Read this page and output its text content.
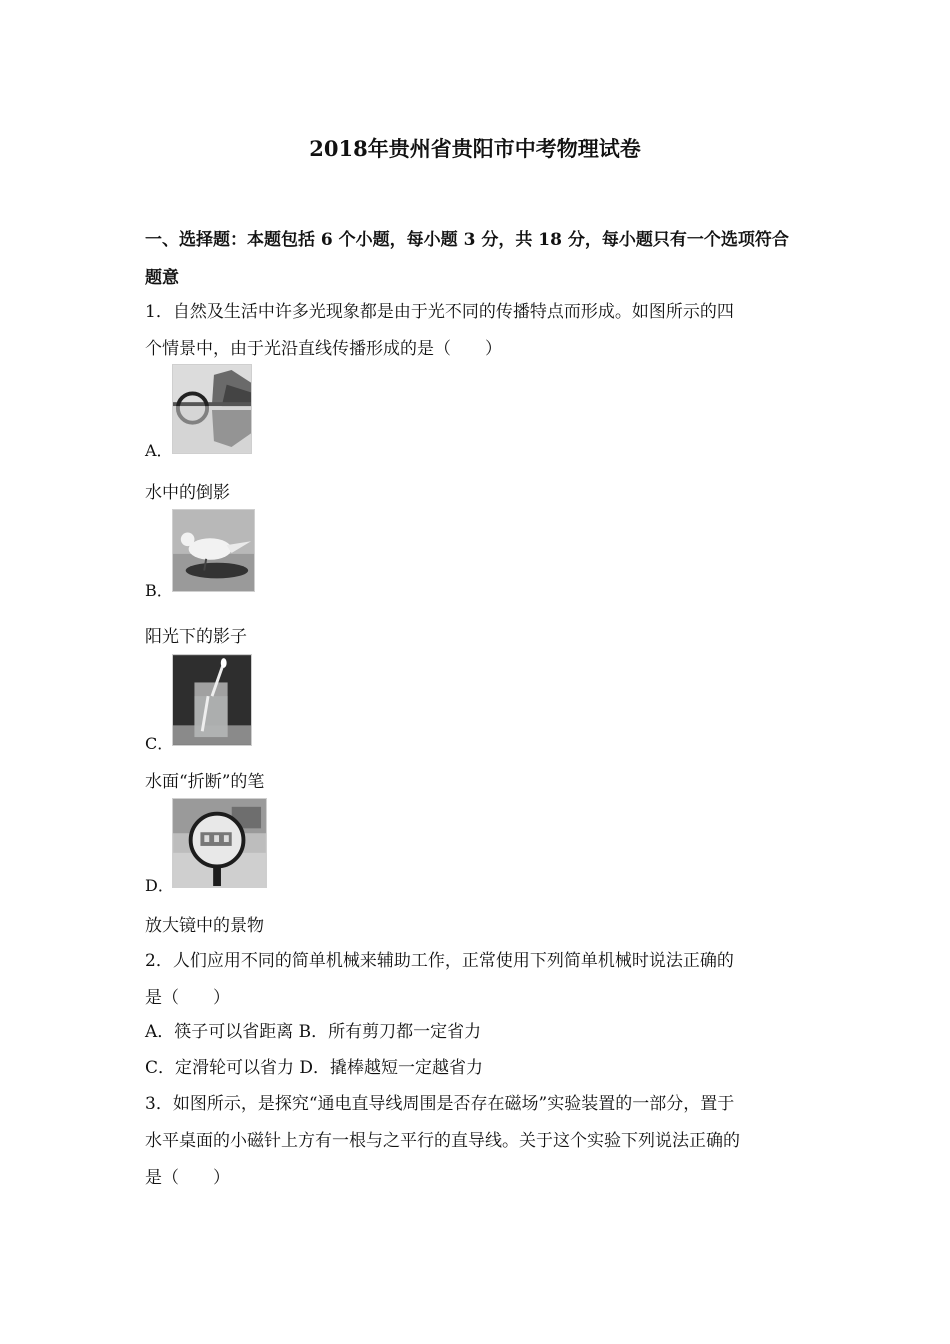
2018年贵州省贵阳市中考物理试卷
一、选择题：本题包括 6 个小题，每小题 3 分，共 18 分，每小题只有一个选项符合
题意
1．自然及生活中许多光现象都是由于光不同的传播特点而形成。如图所示的四
个情景中，由于光沿直线传播形成的是（　　）
A．
水中的倒影
B．
阳光下的影子
C．
水面“折断”的笔
D．
放大镜中的景物
2．人们应用不同的简单机械来辅助工作，正常使用下列简单机械时说法正确的
是（　　）
A．筷子可以省距离 B．所有剪刀都一定省力
C．定滑轮可以省力 D．撬棒越短一定越省力
3．如图所示，是探究“通电直导线周围是否存在磁场”实验装置的一部分，置于
水平桌面的小磁针上方有一根与之平行的直导线。关于这个实验下列说法正确的
是（　　）
